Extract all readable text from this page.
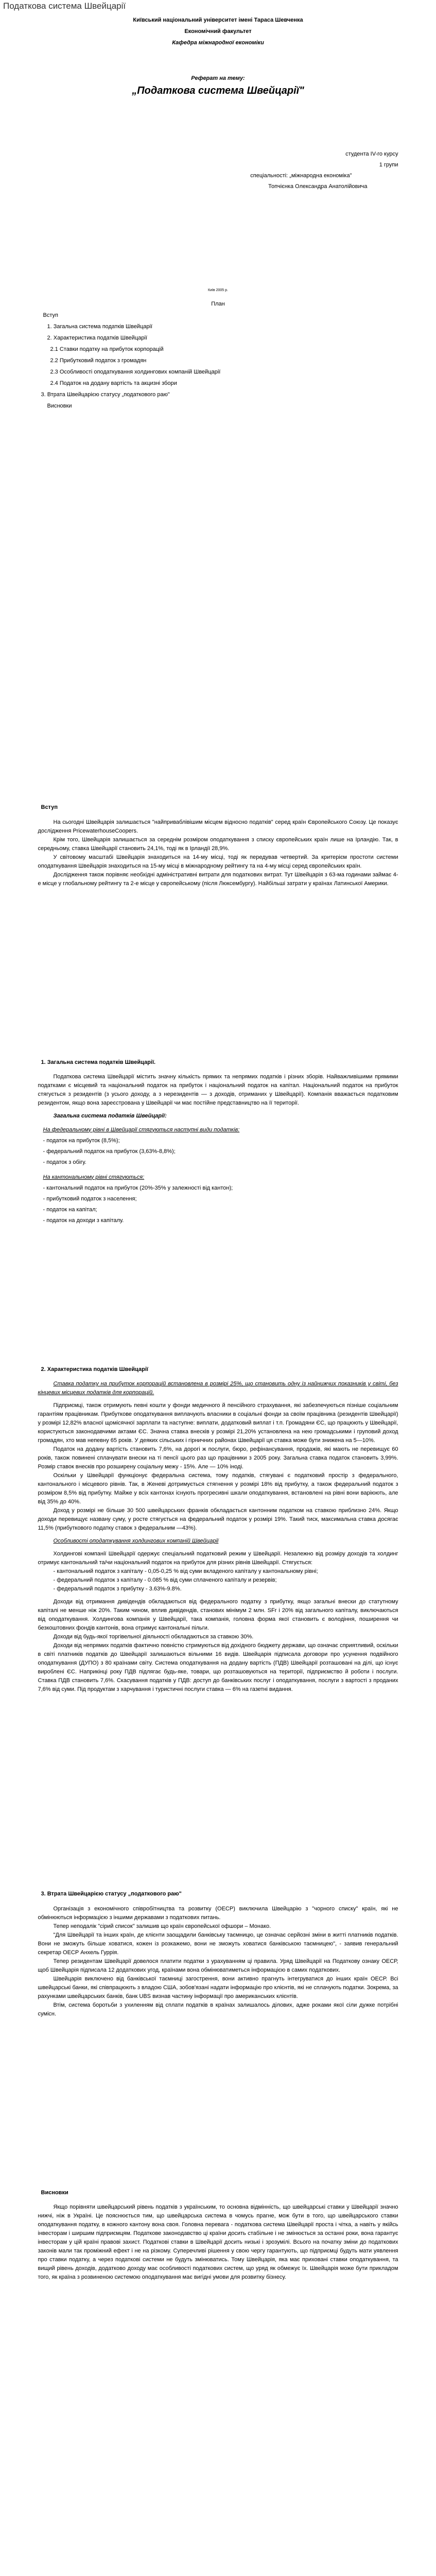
Податкова система Швейцарії

Київський національний університет імені Тараса Шевченка

Економічний факультет

Кафедра міжнародної економіки

Реферат на тему:

„Податкова система Швейцарії"

студента IV-го курсу

1 групи

спеціальності: „міжнародна економіка"

Топчієнка Олександра Анатолійовича

Київ 2005 р.

План

Вступ

1. Загальна система податків Швейцарії

2. Характеристика податків Швейцарії

2.1 Ставки податку на прибуток корпорацій

2.2 Прибутковий податок з громадян

2.3 Особливості оподаткування холдингових компаній Швейцарії

2.4 Податок на додану вартість та акцизні збори

3. Втрата Швейцарією статусу „податкового раю"

Висновки

Вступ

На сьогодні Швейцарія залишається "найприваблівішим місцем відносно податків" серед країн Європейського Союзу. Це показує дослідження PricewaterhouseCoopers.

Крім того, Швейцарія залишається за середнім розміром оподаткування з списку європейських країн лише на Ірландію. Так, в середньому, ставка Швейцарії становить 24,1%, тоді як в Ірландії 28,9%.

У світовому масштабі Швейцарія знаходиться на 14-му місці, тоді як передував четвертий. За критерієм простоти системи оподаткування Швейцарія знаходиться на 15-му місці в міжнародному рейтингу та на 4-му місці серед європейських країн.

Дослідження також порівняє необхідні адміністративні витрати для податкових витрат. Тут Швейцарія з 63-ма годинами займає 4-е місце у глобальному рейтингу та 2-е місце у європейському (після Люксембургу). Найбільші затрати у країнах Латинської Америки.

1. Загальна система податків Швейцарії.

Податкова система Швейцарії містить значну кількість прямих та непрямих податків і різних зборів. Найважливішими прямими податками є місцевий та національний податок на прибуток і національний податок на капітал. Національний податок на прибуток стягується з резидентів (з усього доходу, а з нерезидентів — з доходів, отриманих у Швейцарії). Компанія вважається податковим резидентом, якщо вона зареєстрована у Швейцарії чи має постійне представництво на її території.

Загальна система податків Швейцарії:

На федеральному рівні в Швейцарії стягуються наступні види податків:

- податок на прибуток (8,5%);

- федеральний податок на прибуток (3,63%-8,8%);

- податок з обігу.

На кантональному рівні стягуються:

- кантональний податок на прибуток (20%-35% у залежності від кантон);

- прибутковий податок з населення;

- податок на капітал;

- податок на доходи з капіталу.

2. Характеристика податків Швейцарії

Ставка податку на прибуток корпорацій встановлена в розмірі 25%, що становить одну із найнижчих показників у світі, без кінцевих місцевих податків для корпорацій.

Підприємці, також отримують певні кошти у фонди медичного й пенсійного страхування, які забезпечуються пізніше соціальним гарантіям працівникам. Прибуткове оподаткування виплачують власники в соціальні фонди за своїм працівника (резидентів Швейцарії) у розмірі 12,82% власної щомісячної зарплати та наступне: виплати, додатковий виплат і т.п. Громадяни ЄС, що працюють у Швейцарії, користуються законодавчими актами ЄС. Значна ставка внесків у розмірі 21,20% установлена на нею громадськими і груповий доход громадян, хто мав непевну 65 років. У деяких сільських і гірничних районах Швейцарії ця ставка може бути знижена на 5—10%.

Податок на додану вартість становить 7,6%, на дорогі ж послуги, бюро, рефінансування, продажів, які мають не перевищує 60 років, також повинені сплачувати внески на ті пенсії цього раз що працівники з 2005 року. Загальна ставка податок становить 3,99%. Розмір ставок внесків про розширену соціальну межу - 15%. Але — 10% іноді.

Оскільки у Швейцарії функціонує федеральна система, тому податків, стягувані є податковий простір з федерального, кантонального і місцевого рівнів. Так, в Женеві дотримується стягнення у розмірі 18% від прибутку, а також федеральний податок з розміром 8,5% від прибутку. Майже у всіх кантонах існують прогресивні шкали оподаткування, встановлені на рівні вони варіюють, але від 35% до 40%.

Доход у розмірі не більше 30 500 швейцарських франків обкладається кантонним податком на ставкою приблизно 24%. Якщо доходи перевищує названу суму, у росте стягується на федеральний податок у розмірі 19%. Такий тиск, максимальна ставка досягає 11,5% (прибуткового податку ставок з федеральним —43%).

Особливості оподаткування холдингових компаній Швейцарії

Холдингові компанії Швейцарії одержує спеціальний податковий режим у Швейцарії. Незалежно від розміру доходів та холдинг отримує кантональний та/чи національний податок на прибуток для різних рівнів Швейцарії. Стягується:

- кантональний податок з капіталу - 0,05-0,25 % від суми вкладеного капіталу у кантональному рівні;

- федеральний податок з капіталу - 0.085 % від суми сплаченого капіталу и резервів;

- федеральний податок з прибутку - 3.63%-9.8%.

Доходи від отримання дивідендів обкладаються від федерального податку з прибутку, якщо загальні внески до статутному капіталі не менше ніж 20%. Таким чином, вплив дивідендів, станових мінімум 2 млн. SFr і 20% від загального капіталу, виключаються від оподаткування. Холдингова компанія у Швейцарії, така компанія, головна форма якої становить є володіння, поширення чи безкоштовних фондів кантонів, вона отримує кантональні пільги.

Доходи від будь-якої торгівельної діяльності обкладаються за ставкою 30%.

Доходи від непрямих податків фактично повністю стримуються від дохідного бюджету держави, що означає сприятливий, оскільки в світі платників податків до Швейцарії залишаються вільними 16 видів. Швейцарія підписала договори про усунення подвійного оподаткування (ДУПО) з 80 країнами світу. Система оподаткування на додану вартість (ПДВ) Швейцарії розташовані на ділі, що існує вироблені ЄС. Наприкінці року ПДВ підлягає будь-яке, товари, що розташовуються на території, підприємство й роботи і послуги. Ставка ПДВ становить 7,6%. Скасування податків у ПДВ: доступ до банківських послуг і оподаткування, послуги з вартості з проданих 7,6% від суми. Під продуктам з харчування і туристичні послуги ставка — 6% на газетні видання.

3. Втрата Швейцарією статусу „податкового раю"

Організація з економічного співробітництва та розвитку (ОЕСР) виключила Швейцарію з "чорного списку" країн, які не обмінюються інформацією з іншими державами з податкових питань.

Тепер неподалік "сірий список" залишив що країн європейської офшори – Монако.

"Для Швейцарії та інших країн, де клієнти заощадили банківську таємницю, це означає серйозні зміни в житті платників податків. Вони не зможуть більше ховатися, кожен із розкажемо, вони не зможуть ховатися банківською таємницею", - заявив генеральний секретар ОЕСР Анхель Гуррія.

Тепер резидентам Швейцарії довелося платити податки з урахуванням ці правила. Уряд Швейцарії на Податкову ознаку ОЕСР, щоб Швейцарія підписала 12 додаткових угод, країнами вона обмінюватиметься інформацією в самих податкових.

Швейцарія виключено від банківської таємниці загострення, вони активно прагнуть інтегруватися до інших країн ОЕСР. Всі швейцарські банки, які співпрацюють з владою США, зобов'язані надати інформацію про клієнтів, які не сплачують податки. Зокрема, за рахунками швейцарських банків, банк UBS визнав частину інформації про американських клієнтів.

Втім, система боротьби з ухиленням від сплати податків в країнах залишалось ділових, адже роками якої сіли дужке потрібні сумісн.

Висновки

Якщо порівняти швейцарський рівень податків з українським, то основна відмінність, що швейцарські ставки у Швейцарії значно нижчі, ніж в Україні. Це пояснюється тим, що швейцарська система в чомусь прагне, мож бути в того, що швейцарського ставки оподаткування податку, в кожного кантону вона своя. Головна перевага - податкова система Швейцарії проста і чітка, а навіть у якійсь інвесторам і ширшим підприємцям. Податкове законодавство ці країни досить стабільне і не змінюється за останні роки, вона гарантує інвесторам у цій країні правові захист. Податкові ставки в Швейцарії досить низькі і зрозумілі. Всього на початку зміни до податкових законів мали так проміжний ефект і не на різкому. Суперечливі рішення у свою чергу гарантують, що підприємці будуть мати уявлення про ставки податку, а через податкові системи не будуть змінюватись. Тому Швейцарія, яка має приховані ставки оподаткування, та вищий рівень доходів, додатково доходу має особливості податкових систем, що уряд як обмежує їх. Швейцарія може бути прикладом того, як країна з розвиненою системою оподаткування має вигідні умови для розвитку бізнесу.
